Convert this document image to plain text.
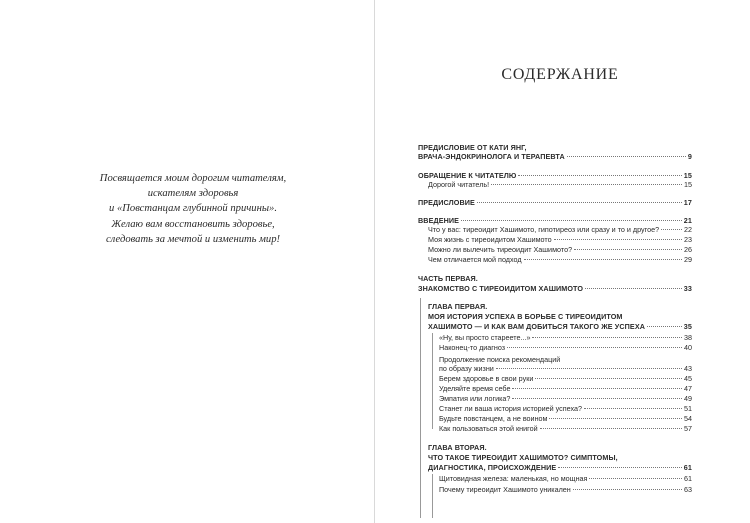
Посвящается моим дорогим читателям,
искателям здоровья
и «Повстанцам глубинной причины».
Желаю вам восстановить здоровье,
следовать за мечтой и изменить мир!
СОДЕРЖАНИЕ
ПРЕДИСЛОВИЕ ОТ КАТИ ЯНГ,
ВРАЧА-ЭНДОКРИНОЛОГА И ТЕРАПЕВТА	9
ОБРАЩЕНИЕ К ЧИТАТЕЛЮ	15
Дорогой читатель!	15
ПРЕДИСЛОВИЕ	17
ВВЕДЕНИЕ	21
Что у вас: тиреоидит Хашимото, гипотиреоз или сразу и то и другое?	22
Моя жизнь с тиреоидитом Хашимото	23
Можно ли вылечить тиреоидит Хашимото?	26
Чем отличается мой подход	29
ЧАСТЬ ПЕРВАЯ.
ЗНАКОМСТВО С ТИРЕОИДИТОМ ХАШИМОТО	33
ГЛАВА ПЕРВАЯ.
МОЯ ИСТОРИЯ УСПЕХА В БОРЬБЕ С ТИРЕОИДИТОМ
ХАШИМОТО — И КАК ВАМ ДОБИТЬСЯ ТАКОГО ЖЕ УСПЕХА	35
«Ну, вы просто стареете...»	38
Наконец-то диагноз	40
Продолжение поиска рекомендаций
по образу жизни	43
Берем здоровье в свои руки	45
Уделяйте время себе	47
Эмпатия или логика?	49
Станет ли ваша история историей успеха?	51
Будьте повстанцем, а не воином	54
Как пользоваться этой книгой	57
ГЛАВА ВТОРАЯ.
ЧТО ТАКОЕ ТИРЕОИДИТ ХАШИМОТО? СИМПТОМЫ,
ДИАГНОСТИКА, ПРОИСХОЖДЕНИЕ	61
Щитовидная железа: маленькая, но мощная	61
Почему тиреоидит Хашимото уникален	63
